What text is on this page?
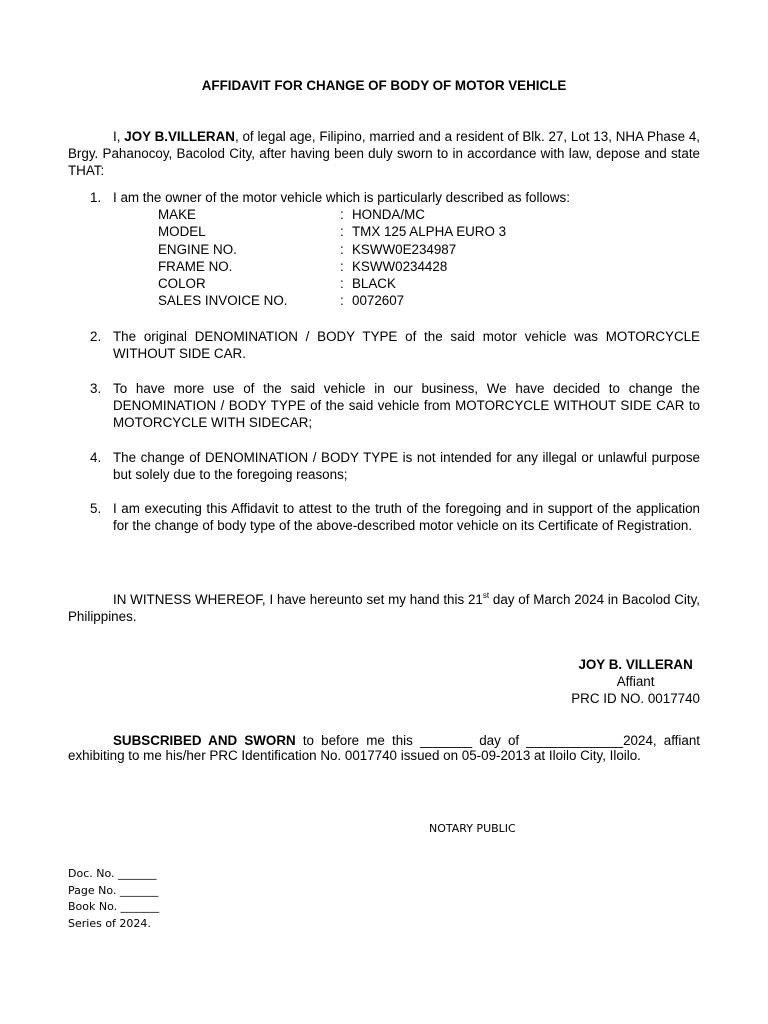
AFFIDAVIT FOR CHANGE OF BODY OF MOTOR VEHICLE
I, JOY B.VILLERAN, of legal age, Filipino, married and a resident of Blk. 27, Lot 13, NHA Phase 4, Brgy. Pahanocoy, Bacolod City, after having been duly sworn to in accordance with law, depose and state THAT:
1. I am the owner of the motor vehicle which is particularly described as follows:
MAKE	: HONDA/MC
MODEL	: TMX 125 ALPHA EURO 3
ENGINE NO.	: KSWW0E234987
FRAME NO.	: KSWW0234428
COLOR	: BLACK
SALES INVOICE NO.	: 0072607
2. The original DENOMINATION / BODY TYPE of the said motor vehicle was MOTORCYCLE WITHOUT SIDE CAR.
3. To have more use of the said vehicle in our business, We have decided to change the DENOMINATION / BODY TYPE of the said vehicle from MOTORCYCLE WITHOUT SIDE CAR to MOTORCYCLE WITH SIDECAR;
4. The change of DENOMINATION / BODY TYPE is not intended for any illegal or unlawful purpose but solely due to the foregoing reasons;
5. I am executing this Affidavit to attest to the truth of the foregoing and in support of the application for the change of body type of the above-described motor vehicle on its Certificate of Registration.
IN WITNESS WHEREOF, I have hereunto set my hand this 21st day of March 2024 in Bacolod City, Philippines.
JOY B. VILLERAN
Affiant
PRC ID NO. 0017740
SUBSCRIBED AND SWORN to before me this _______ day of _____________2024, affiant exhibiting to me his/her PRC Identification No. 0017740 issued on 05-09-2013 at Iloilo City, Iloilo.
NOTARY PUBLIC
Doc. No. _______
Page No. _______
Book No. _______
Series of 2024.
